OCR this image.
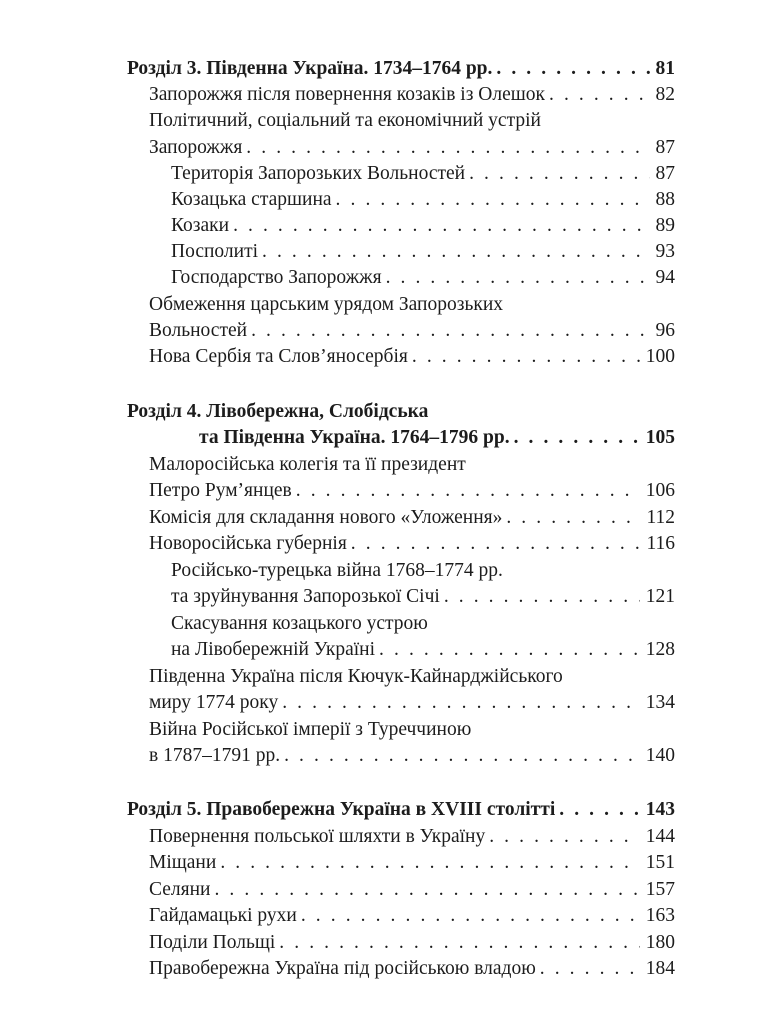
Розділ 3. Південна Україна. 1734–1764 рр. . . .	81
Запорожжя після повернення козаків із Олешок . . .	82
Політичний, соціальний та економічний устрій
Запорожжя . . .	87
Територія Запорозьких Вольностей . . .	87
Козацька старшина . . .	88
Козаки . . .	89
Посполиті . . .	93
Господарство Запорожжя . . .	94
Обмеження царським урядом Запорозьких
Вольностей . . .	96
Нова Сербія та Слов’яносербія . . .	100
Розділ 4. Лівобережна, Слобідська
та Південна Україна. 1764–1796 рр. . . .	105
Малоросійська колегія та її президент
Петро Рум’янцев . . .	106
Комісія для складання нового «Уложення» . . .	112
Новоросійська губернія . . .	116
Російсько-турецька війна 1768–1774 рр.
та зруйнування Запорозької Січі . . .	121
Скасування козацького устрою
на Лівобережній Україні . . .	128
Південна Україна після Кючук-Кайнарджійського
миру 1774 року . . .	134
Війна Російської імперії з Туреччиною
в 1787–1791 рр. . . .	140
Розділ 5. Правобережна Україна в XVIII столітті . . .	143
Повернення польської шляхти в Україну . . .	144
Міщани . . .	151
Селяни . . .	157
Гайдамацькі рухи . . .	163
Поділи Польщі . . .	180
Правобережна Україна під російською владою . . .	184
